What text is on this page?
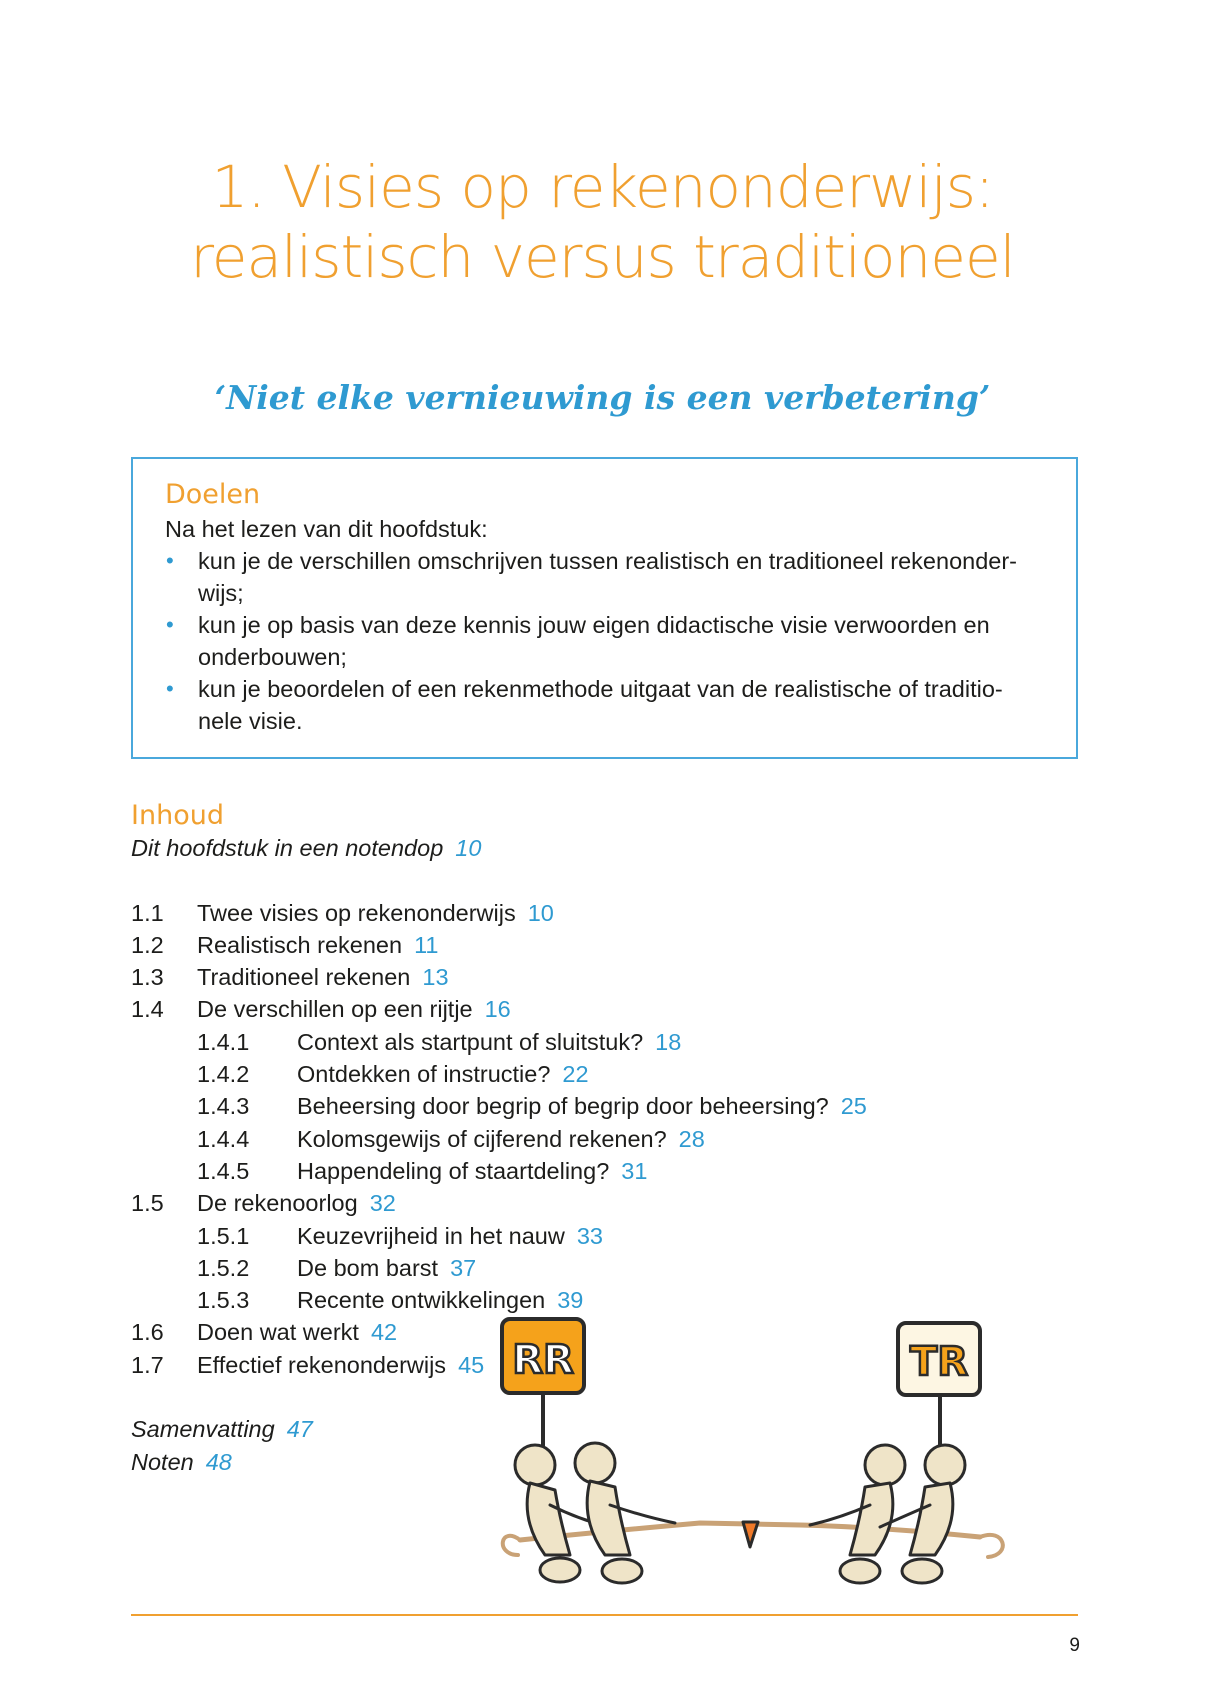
1. Visies op rekenonderwijs:
realistisch versus traditioneel
‘Niet elke vernieuwing is een verbetering’
Doelen
Na het lezen van dit hoofdstuk:
• kun je de verschillen omschrijven tussen realistisch en traditioneel rekenonder-
wijs;
• kun je op basis van deze kennis jouw eigen didactische visie verwoorden en
onderbouwen;
• kun je beoordelen of een rekenmethode uitgaat van de realistische of traditio-
nele visie.
Inhoud
Dit hoofdstuk in een notendop 10
1.1 Twee visies op rekenonderwijs 10
1.2 Realistisch rekenen 11
1.3 Traditioneel rekenen 13
1.4 De verschillen op een rijtje 16
1.4.1 Context als startpunt of sluitstuk? 18
1.4.2 Ontdekken of instructie? 22
1.4.3 Beheersing door begrip of begrip door beheersing? 25
1.4.4 Kolomsgewijs of cijferend rekenen? 28
1.4.5 Happendeling of staartdeling? 31
1.5 De rekenoorlog 32
1.5.1 Keuzevrijheid in het nauw 33
1.5.2 De bom barst 37
1.5.3 Recente ontwikkelingen 39
1.6 Doen wat werkt 42
1.7 Effectief rekenonderwijs 45
Samenvatting 47
Noten 48
RR	TR
9
